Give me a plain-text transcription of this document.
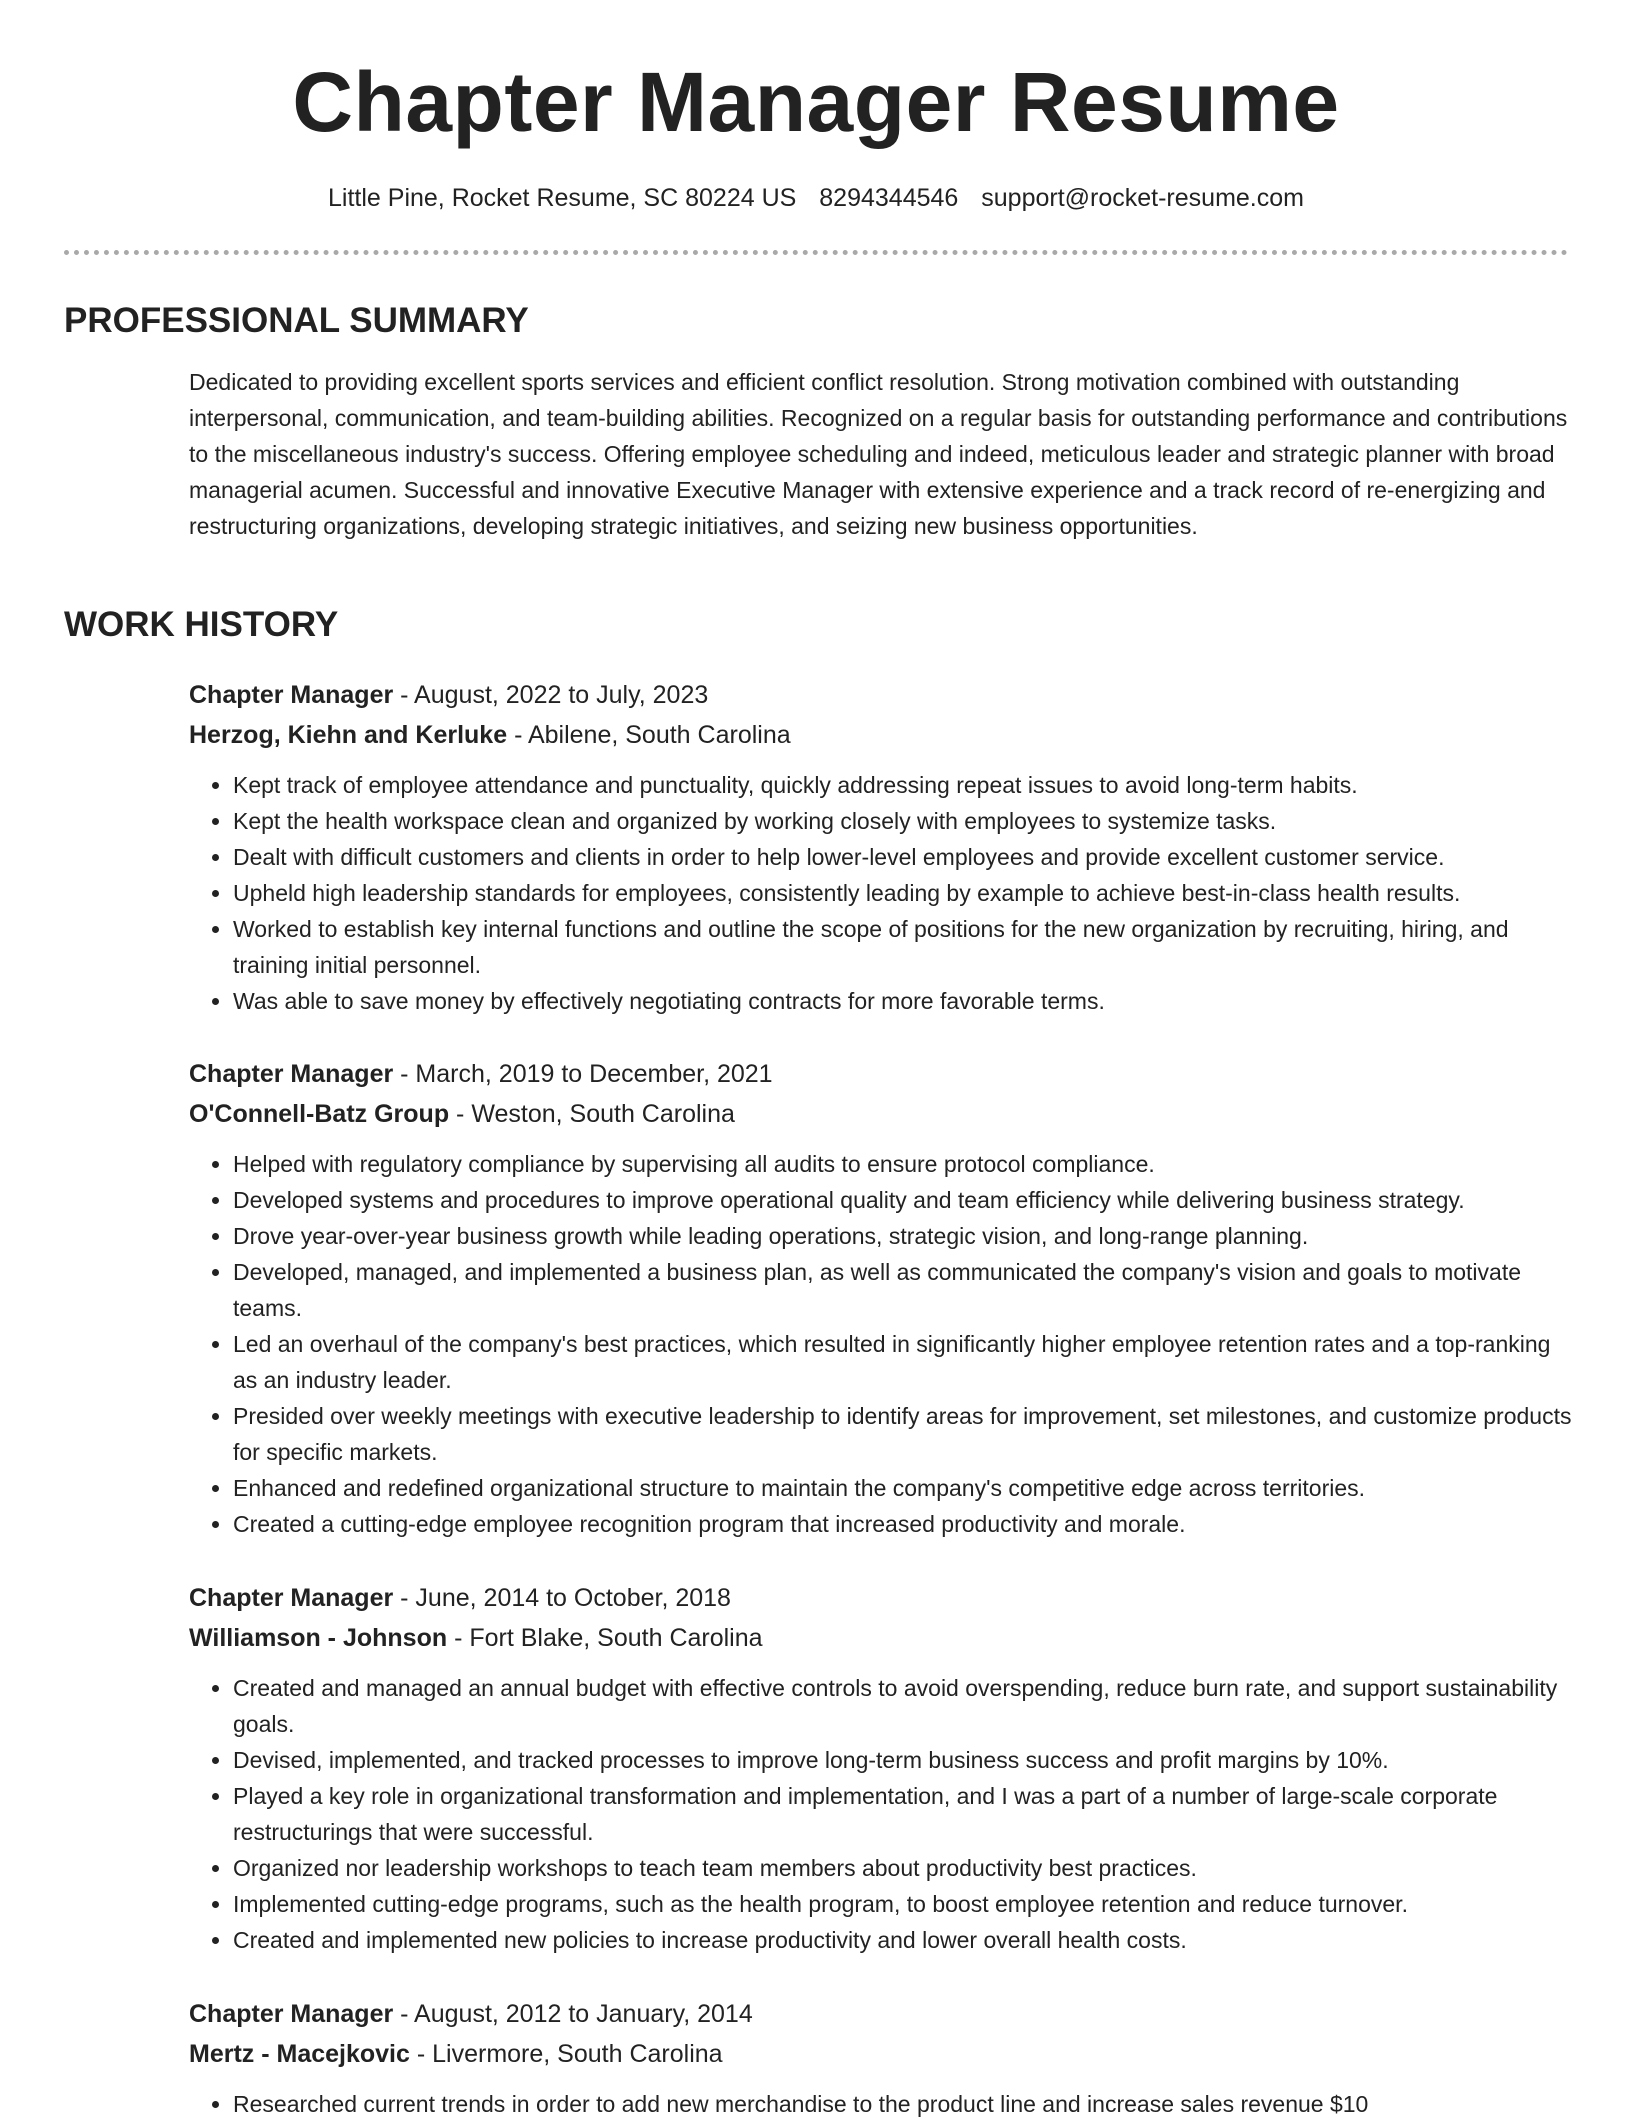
Chapter Manager Resume
Little Pine, Rocket Resume, SC 80224 US 8294344546 support@rocket-resume.com
PROFESSIONAL SUMMARY

Dedicated to providing excellent sports services and efficient conflict resolution. Strong motivation combined with outstanding interpersonal, communication, and team-building abilities. Recognized on a regular basis for outstanding performance and contributions to the miscellaneous industry's success. Offering employee scheduling and indeed, meticulous leader and strategic planner with broad managerial acumen. Successful and innovative Executive Manager with extensive experience and a track record of re-energizing and restructuring organizations, developing strategic initiatives, and seizing new business opportunities.

WORK HISTORY
Chapter Manager - August, 2022 to July, 2023
Herzog, Kiehn and Kerluke - Abilene, South Carolina
• Kept track of employee attendance and punctuality, quickly addressing repeat issues to avoid long-term habits.
• Kept the health workspace clean and organized by working closely with employees to systemize tasks.
• Dealt with difficult customers and clients in order to help lower-level employees and provide excellent customer service.
• Upheld high leadership standards for employees, consistently leading by example to achieve best-in-class health results.
• Worked to establish key internal functions and outline the scope of positions for the new organization by recruiting, hiring, and training initial personnel.
• Was able to save money by effectively negotiating contracts for more favorable terms.
Chapter Manager - March, 2019 to December, 2021
O'Connell-Batz Group - Weston, South Carolina
• Helped with regulatory compliance by supervising all audits to ensure protocol compliance.
• Developed systems and procedures to improve operational quality and team efficiency while delivering business strategy.
• Drove year-over-year business growth while leading operations, strategic vision, and long-range planning.
• Developed, managed, and implemented a business plan, as well as communicated the company's vision and goals to motivate teams.
• Led an overhaul of the company's best practices, which resulted in significantly higher employee retention rates and a top-ranking as an industry leader.
• Presided over weekly meetings with executive leadership to identify areas for improvement, set milestones, and customize products for specific markets.
• Enhanced and redefined organizational structure to maintain the company's competitive edge across territories.
• Created a cutting-edge employee recognition program that increased productivity and morale.
Chapter Manager - June, 2014 to October, 2018
Williamson - Johnson - Fort Blake, South Carolina
• Created and managed an annual budget with effective controls to avoid overspending, reduce burn rate, and support sustainability goals.
• Devised, implemented, and tracked processes to improve long-term business success and profit margins by 10%.
• Played a key role in organizational transformation and implementation, and I was a part of a number of large-scale corporate restructurings that were successful.
• Organized nor leadership workshops to teach team members about productivity best practices.
• Implemented cutting-edge programs, such as the health program, to boost employee retention and reduce turnover.
• Created and implemented new policies to increase productivity and lower overall health costs.
Chapter Manager - August, 2012 to January, 2014
Mertz - Macejkovic - Livermore, South Carolina
• Researched current trends in order to add new merchandise to the product line and increase sales revenue $10
